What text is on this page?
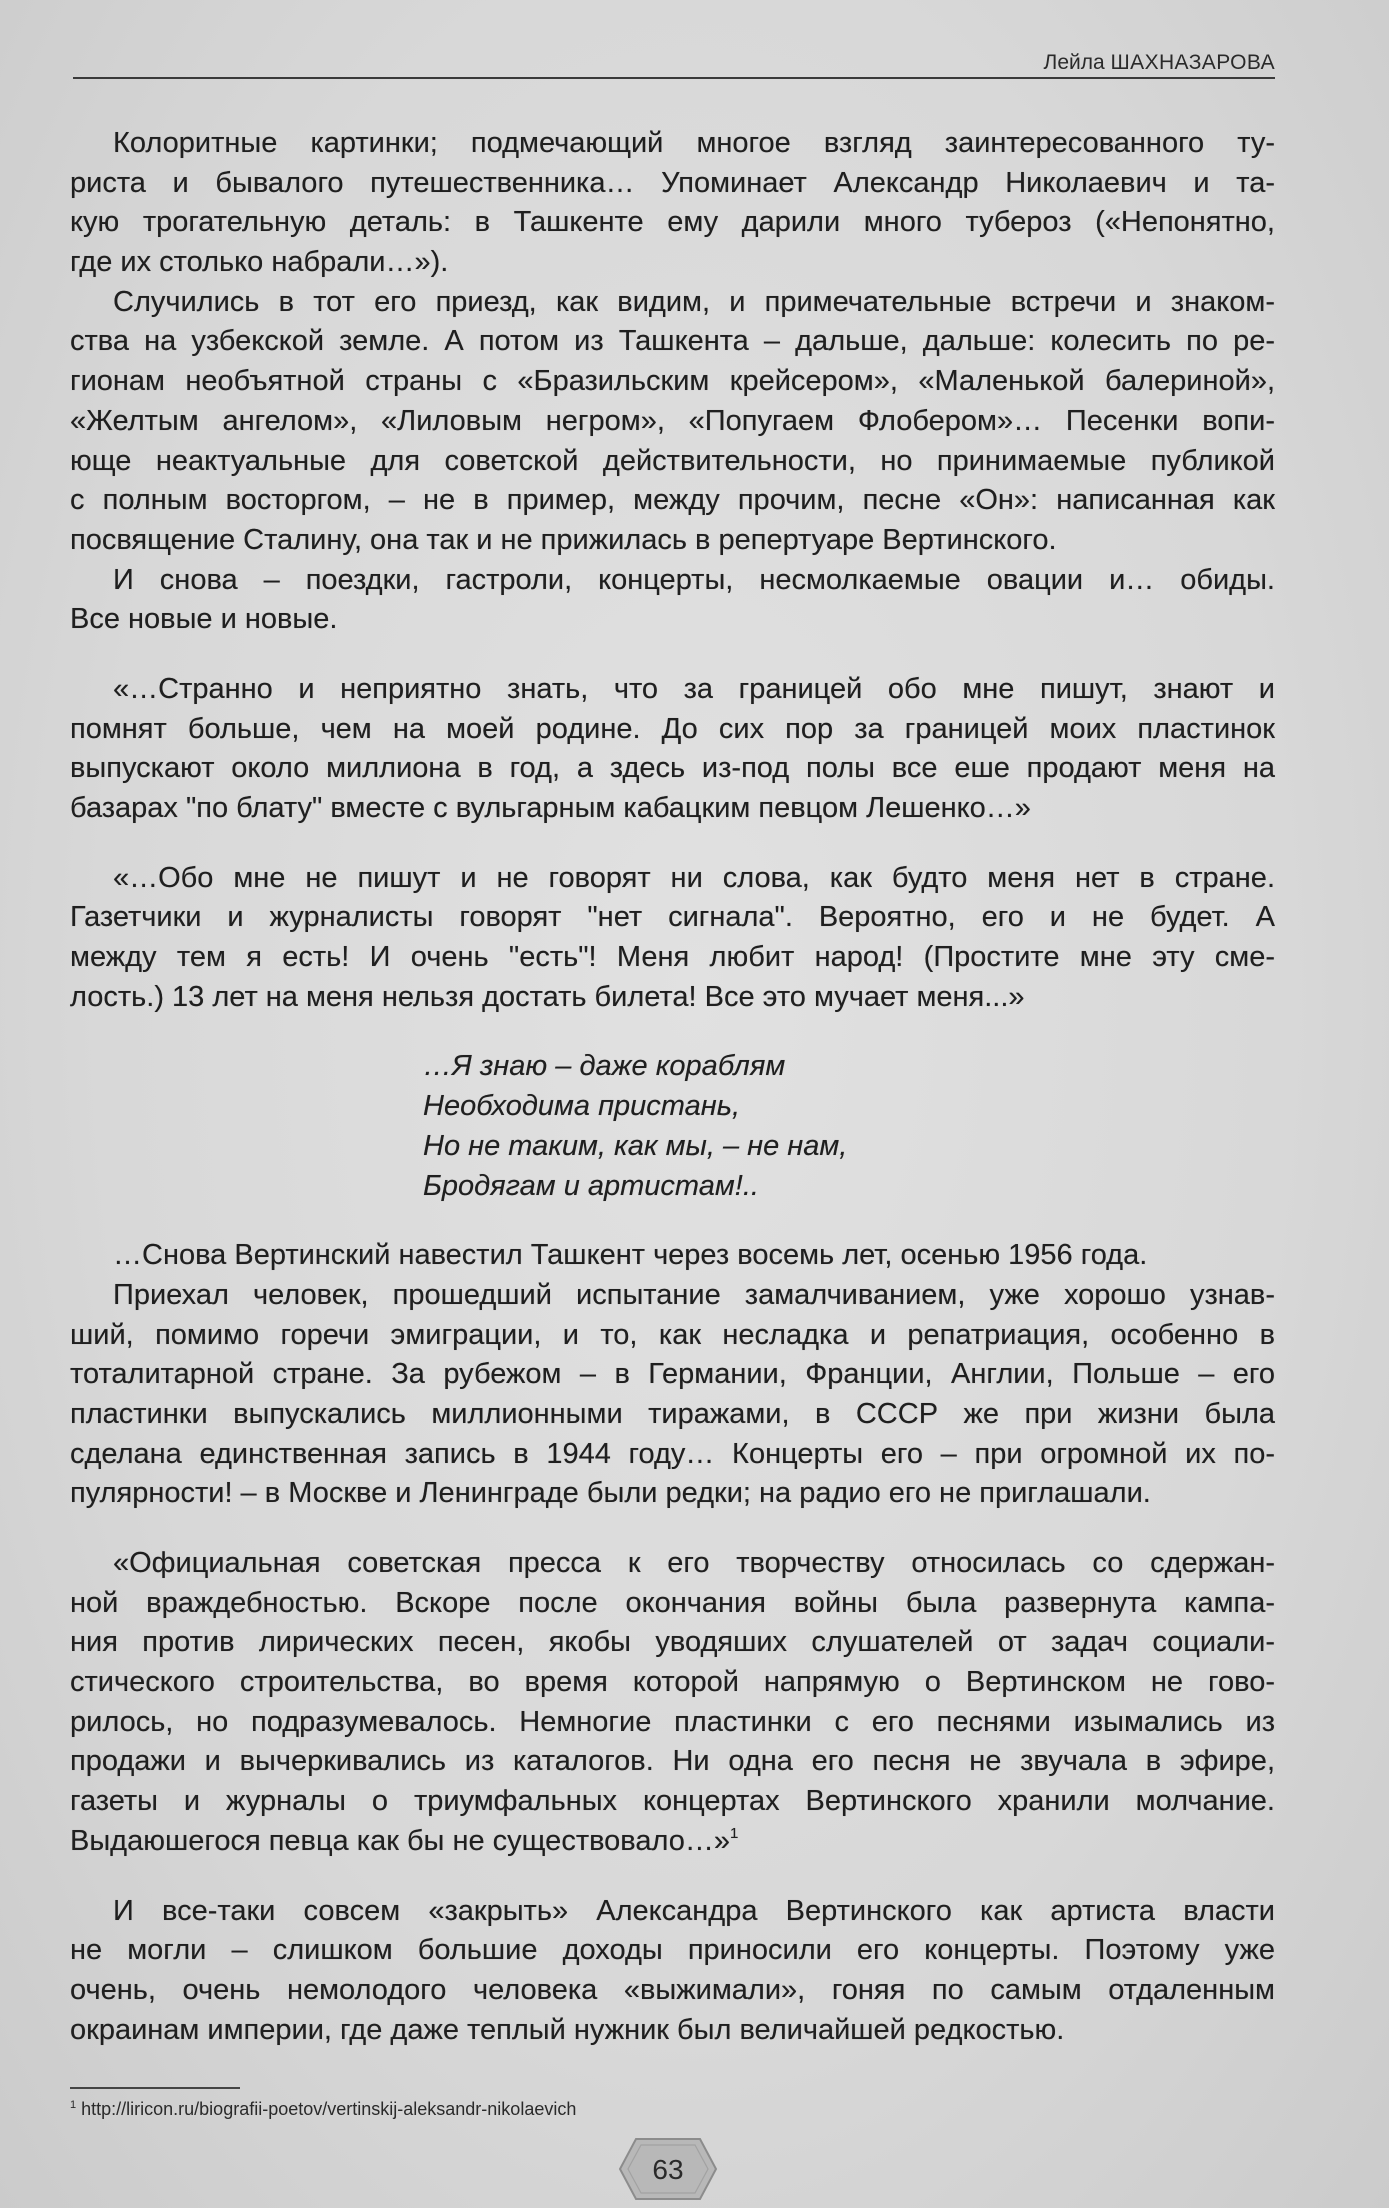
Лейла ШАХНАЗАРОВА
Колоритные картинки; подмечающий многое взгляд заинтересованного ту-
риста и бывалого путешественника… Упоминает Александр Николаевич и та-
кую трогательную деталь: в Ташкенте ему дарили много тубероз («Непонятно,
где их столько набрали…»).
Случились в тот его приезд, как видим, и примечательные встречи и знаком-
ства на узбекской земле. А потом из Ташкента – дальше, дальше: колесить по ре-
гионам необъятной страны с «Бразильским крейсером», «Маленькой балериной»,
«Желтым ангелом», «Лиловым негром», «Попугаем Флобером»… Песенки вопи-
юще неактуальные для советской действительности, но принимаемые публикой
с полным восторгом, – не в пример, между прочим, песне «Он»: написанная как
посвящение Сталину, она так и не прижилась в репертуаре Вертинского.
И снова – поездки, гастроли, концерты, несмолкаемые овации и… обиды.
Все новые и новые.
«…Странно и неприятно знать, что за границей обо мне пишут, знают и
помнят больше, чем на моей родине. До сих пор за границей моих пластинок
выпускают около миллиона в год, а здесь из-под полы все еше продают меня на
базарах "по блату" вместе с вульгарным кабацким певцом Лешенко…»
«…Обо мне не пишут и не говорят ни слова, как будто меня нет в стране.
Газетчики и журналисты говорят "нет сигнала". Вероятно, его и не будет. А
между тем я есть! И очень "есть"! Меня любит народ! (Простите мне эту сме-
лость.) 13 лет на меня нельзя достать билета! Все это мучает меня...»
…Я знаю – даже кораблям
Необходима пристань,
Но не таким, как мы, – не нам,
Бродягам и артистам!..
…Снова Вертинский навестил Ташкент через восемь лет, осенью 1956 года.
Приехал человек, прошедший испытание замалчиванием, уже хорошо узнав-
ший, помимо горечи эмиграции, и то, как несладка и репатриация, особенно в
тоталитарной стране. За рубежом – в Германии, Франции, Англии, Польше – его
пластинки выпускались миллионными тиражами, в СССР же при жизни была
сделана единственная запись в 1944 году… Концерты его – при огромной их по-
пулярности! – в Москве и Ленинграде были редки; на радио его не приглашали.
«Официальная советская пресса к его творчеству относилась со сдержан-
ной враждебностью. Вскоре после окончания войны была развернута кампа-
ния против лирических песен, якобы уводяших слушателей от задач социали-
стического строительства, во время которой напрямую о Вертинском не гово-
рилось, но подразумевалось. Немногие пластинки с его песнями изымались из
продажи и вычеркивались из каталогов. Ни одна его песня не звучала в эфире,
газеты и журналы о триумфальных концертах Вертинского хранили молчание.
Выдаюшегося певца как бы не существовало…»$^1$
И все-таки совсем «закрыть» Александра Вертинского как артиста власти
не могли – слишком большие доходы приносили его концерты. Поэтому уже
очень, очень немолодого человека «выжимали», гоняя по самым отдаленным
окраинам империи, где даже теплый нужник был величайшей редкостью.
$^1$ http://liricon.ru/biografii-poetov/vertinskij-aleksandr-nikolaevich
63
